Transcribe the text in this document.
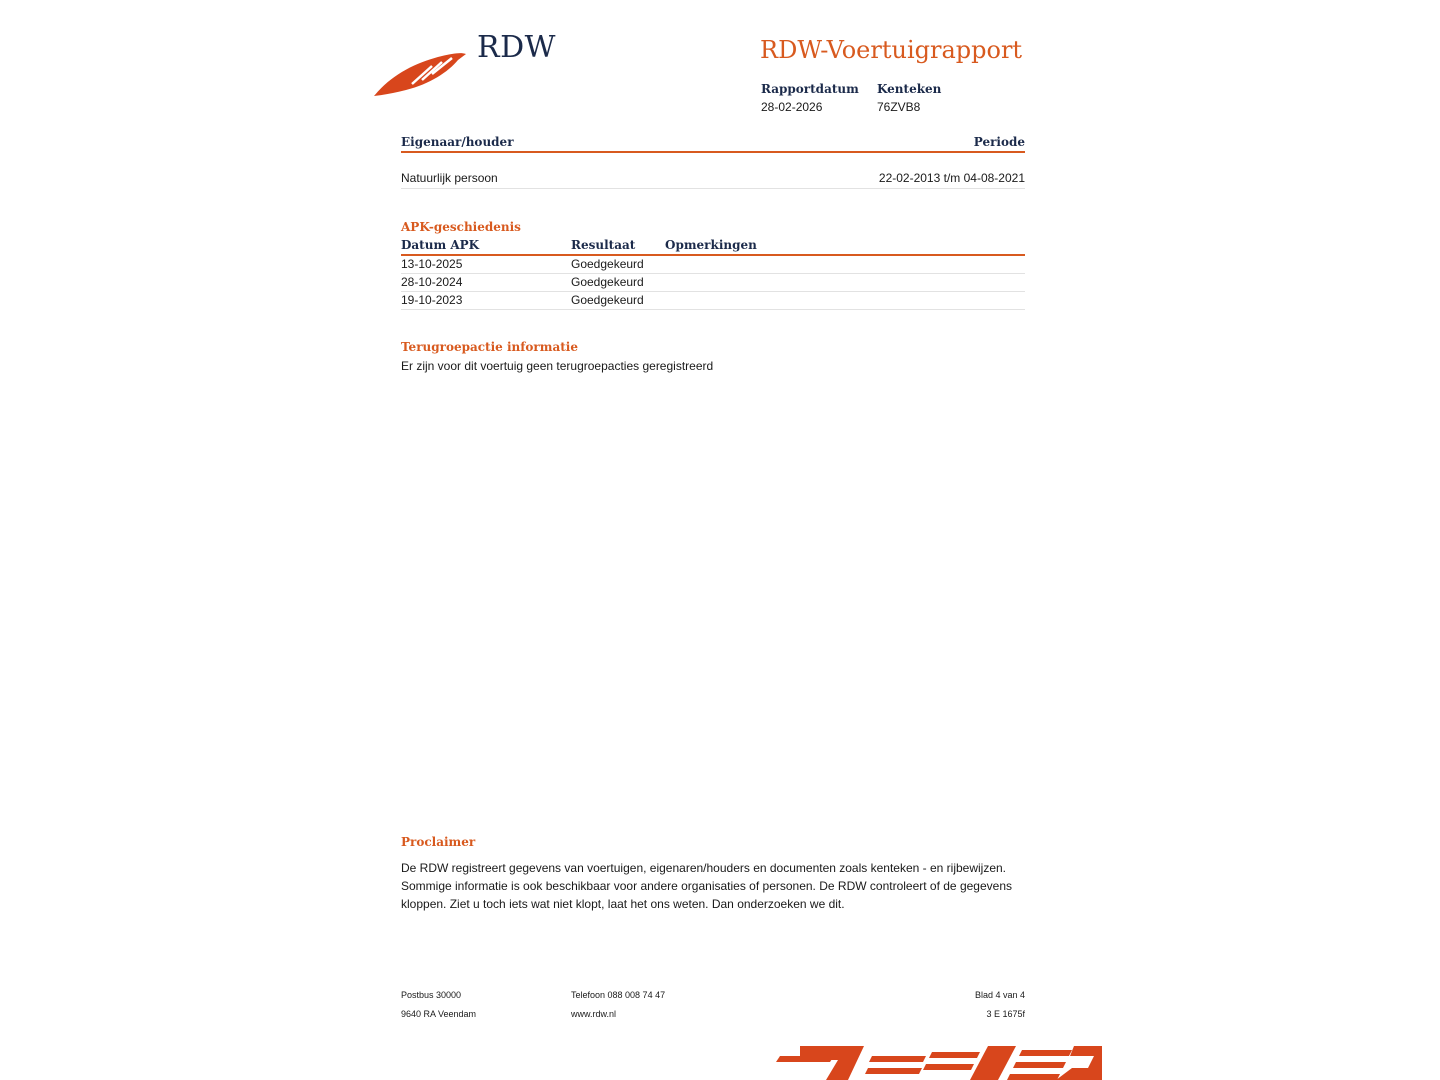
RDW	RDW-Voertuigrapport
Rapportdatum
28-02-2026
Kenteken
76ZVB8
Eigenaar/houder	Periode
Natuurlijk persoon	22-02-2013 t/m 04-08-2021
APK-geschiedenis
Datum APK	Resultaat Opmerkingen
13-10-2025	Goedgekeurd
28-10-2024	Goedgekeurd
19-10-2023	Goedgekeurd
Terugroepactie informatie
Er zijn voor dit voertuig geen terugroepacties geregistreerd
Proclaimer
De RDW registreert gegevens van voertuigen, eigenaren/houders en documenten zoals kenteken - en rijbewijzen. Sommige informatie is ook beschikbaar voor andere organisaties of personen. De RDW controleert of de gegevens kloppen. Ziet u toch iets wat niet klopt, laat het ons weten. Dan onderzoeken we dit.
Postbus 30000
9640 RA Veendam
Telefoon 088 008 74 47
www.rdw.nl
Blad 4 van 4
3 E 1675f
